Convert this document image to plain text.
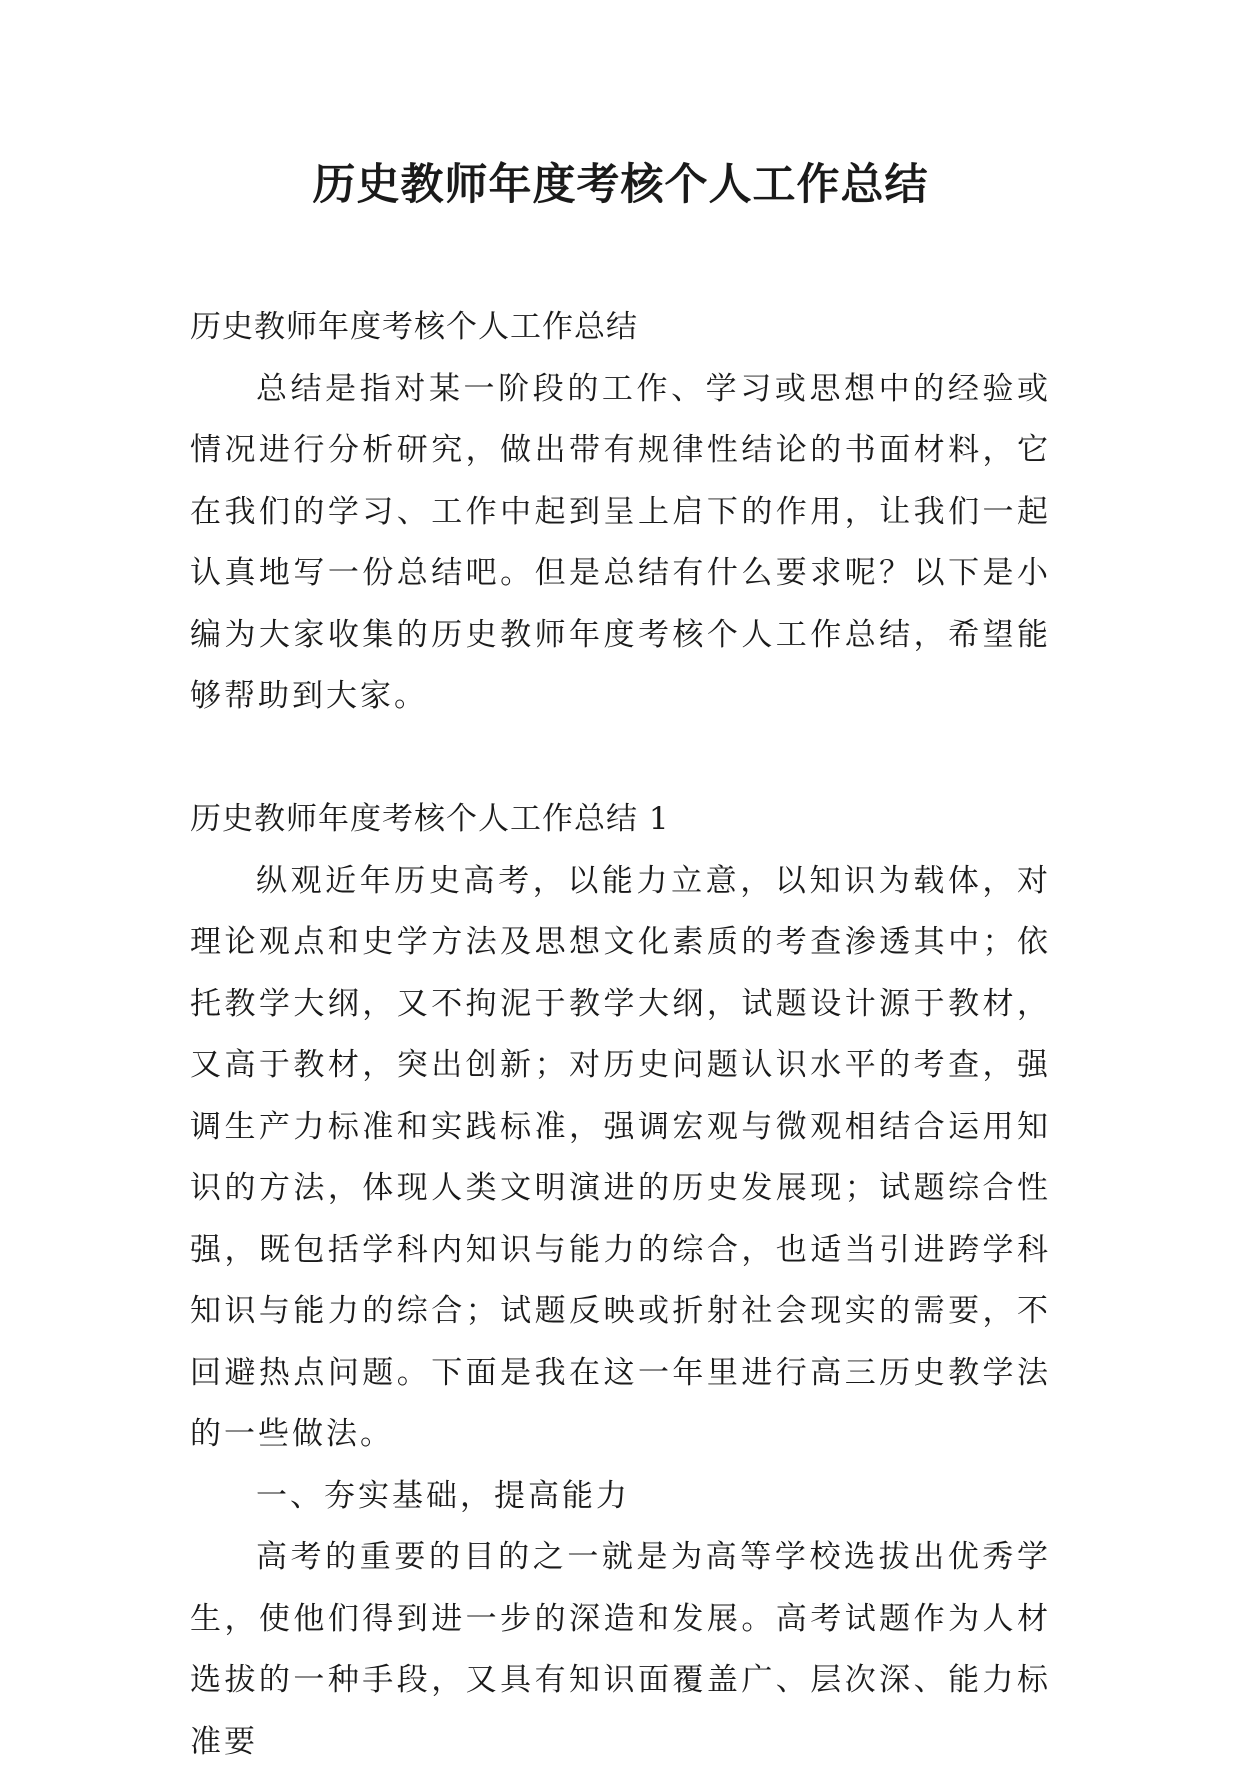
历史教师年度考核个人工作总结

历史教师年度考核个人工作总结

总结是指对某一阶段的工作、学习或思想中的经验或情况进行分析研究，做出带有规律性结论的书面材料，它在我们的学习、工作中起到呈上启下的作用，让我们一起认真地写一份总结吧。但是总结有什么要求呢？以下是小编为大家收集的历史教师年度考核个人工作总结，希望能够帮助到大家。

历史教师年度考核个人工作总结 1

纵观近年历史高考，以能力立意，以知识为载体，对理论观点和史学方法及思想文化素质的考查渗透其中；依托教学大纲，又不拘泥于教学大纲，试题设计源于教材，又高于教材，突出创新；对历史问题认识水平的考查，强调生产力标准和实践标准，强调宏观与微观相结合运用知识的方法，体现人类文明演进的历史发展现；试题综合性强，既包括学科内知识与能力的综合，也适当引进跨学科知识与能力的综合；试题反映或折射社会现实的需要，不回避热点问题。下面是我在这一年里进行高三历史教学法的一些做法。

一、夯实基础，提高能力

高考的重要的目的之一就是为高等学校选拔出优秀学生，使他们得到进一步的深造和发展。高考试题作为人材选拔的一种手段，又具有知识面覆盖广、层次深、能力标准要
